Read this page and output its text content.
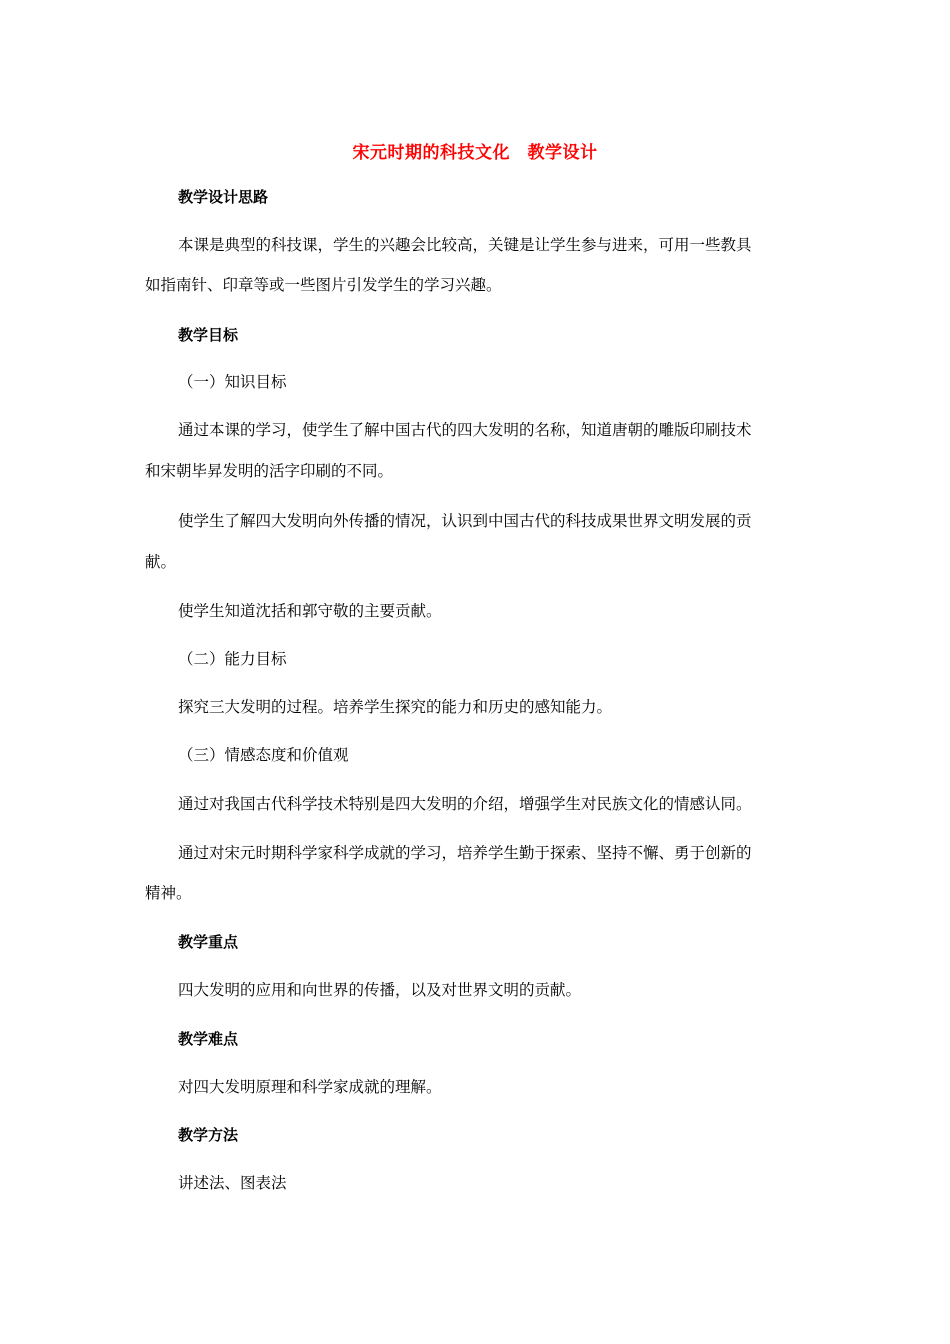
宋元时期的科技文化　教学设计
教学设计思路
本课是典型的科技课，学生的兴趣会比较高，关键是让学生参与进来，可用一些教具
如指南针、印章等或一些图片引发学生的学习兴趣。
教学目标
（一）知识目标
通过本课的学习，使学生了解中国古代的四大发明的名称，知道唐朝的雕版印刷技术
和宋朝毕昇发明的活字印刷的不同。
使学生了解四大发明向外传播的情况，认识到中国古代的科技成果世界文明发展的贡
献。
使学生知道沈括和郭守敬的主要贡献。
（二）能力目标
探究三大发明的过程。培养学生探究的能力和历史的感知能力。
（三）情感态度和价值观
通过对我国古代科学技术特别是四大发明的介绍，增强学生对民族文化的情感认同。
通过对宋元时期科学家科学成就的学习，培养学生勤于探索、坚持不懈、勇于创新的
精神。
教学重点
四大发明的应用和向世界的传播，以及对世界文明的贡献。
教学难点
对四大发明原理和科学家成就的理解。
教学方法
讲述法、图表法
